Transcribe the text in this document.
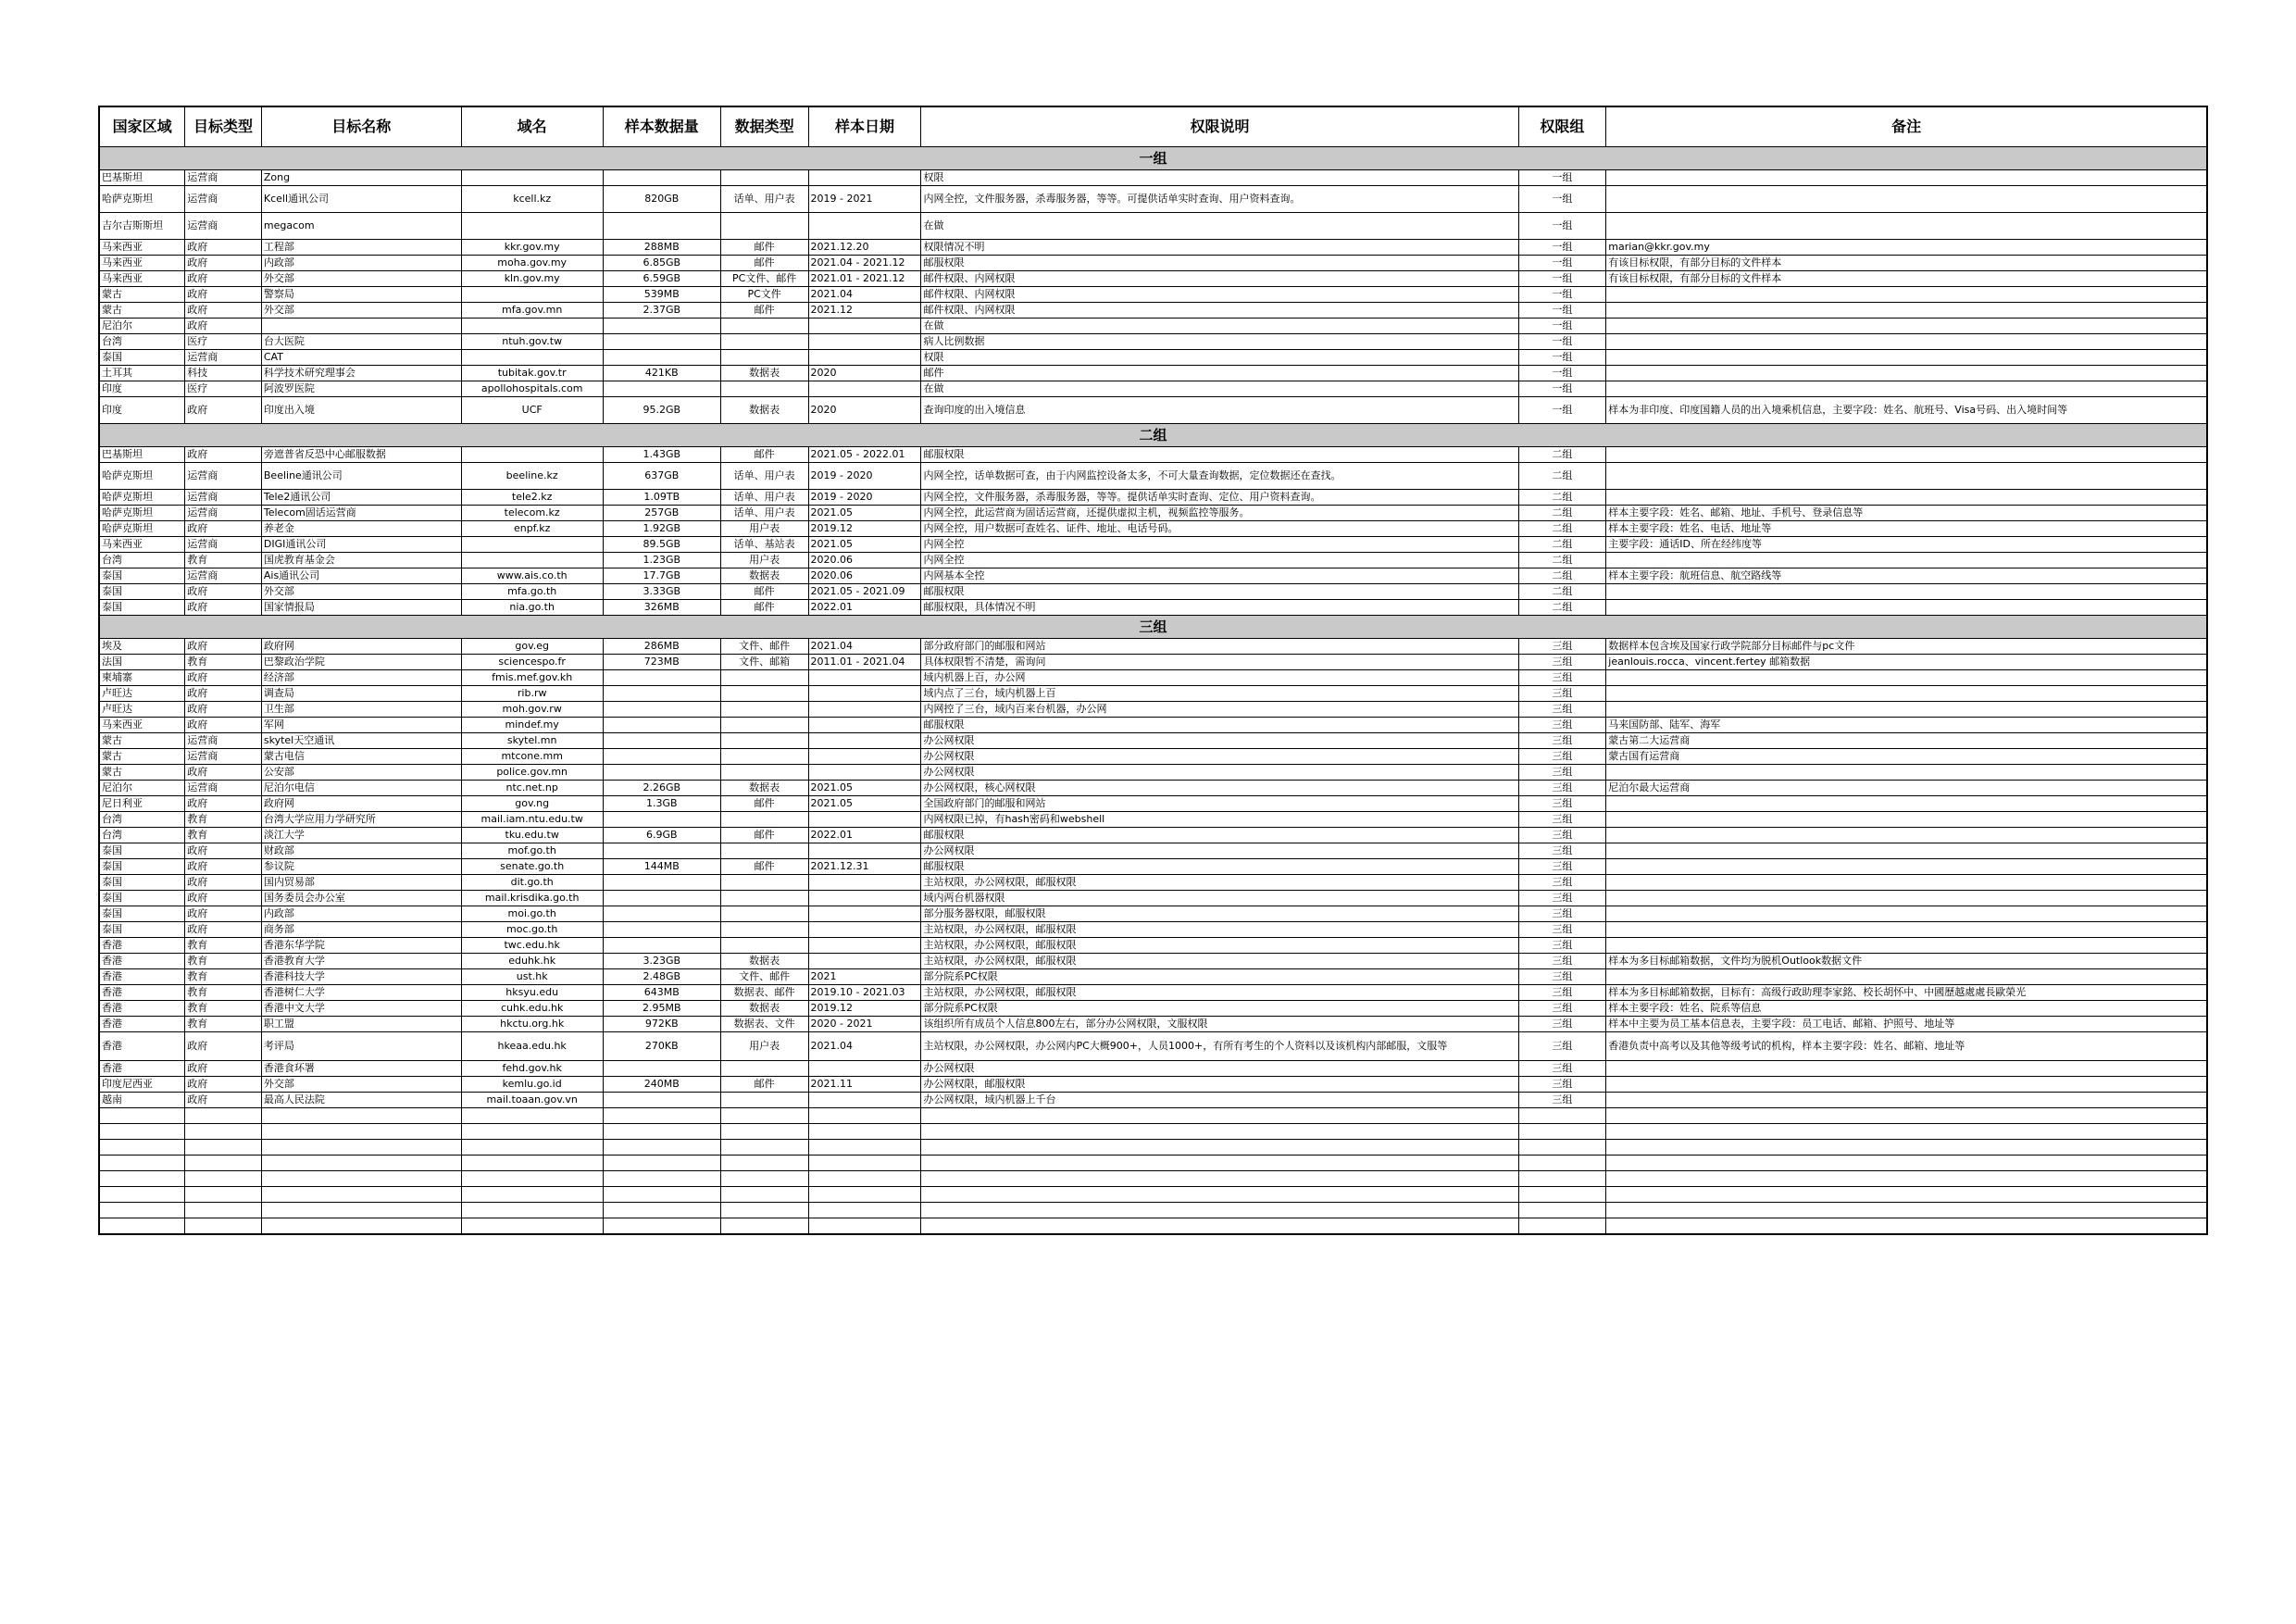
国家区域	目标类型	目标名称	域名	样本数据量	数据类型	样本日期	权限说明	权限组	备注
一组									
巴基斯坦	运营商	Zong					权限	一组	
哈萨克斯坦	运营商	Kcell通讯公司	kcell.kz	820GB	话单、用户表	2019 - 2021	内网全控，文件服务器，杀毒服务器，等等。可提供话单实时查询、用户资料查询。	一组	
吉尔吉斯斯坦	运营商	megacom					在做	一组	
马来西亚	政府	工程部	kkr.gov.my	288MB	邮件	2021.12.20	权限情况不明	一组	marian@kkr.gov.my
马来西亚	政府	内政部	moha.gov.my	6.85GB	邮件	2021.04 - 2021.12	邮服权限	一组	有该目标权限，有部分目标的文件样本
马来西亚	政府	外交部	kln.gov.my	6.59GB	PC文件、邮件	2021.01 - 2021.12	邮件权限、内网权限	一组	有该目标权限，有部分目标的文件样本
蒙古	政府	警察局		539MB	PC文件	2021.04	邮件权限、内网权限	一组	
蒙古	政府	外交部	mfa.gov.mn	2.37GB	邮件	2021.12	邮件权限、内网权限	一组	
尼泊尔	政府						在做	一组	
台湾	医疗	台大医院	ntuh.gov.tw				病人比例数据	一组	
泰国	运营商	CAT					权限	一组	
土耳其	科技	科学技术研究理事会	tubitak.gov.tr	421KB	数据表	2020	邮件	一组	
印度	医疗	阿波罗医院	apollohospitals.com				在做	一组	
印度	政府	印度出入境	UCF	95.2GB	数据表	2020	查询印度的出入境信息	一组	样本为非印度、印度国籍人员的出入境乘机信息，主要字段：姓名、航班号、Visa号码、出入境时间等
二组									
巴基斯坦	政府	旁遮普省反恐中心邮服数据		1.43GB	邮件	2021.05 - 2022.01	邮服权限	二组	
哈萨克斯坦	运营商	Beeline通讯公司	beeline.kz	637GB	话单、用户表	2019 - 2020	内网全控，话单数据可查，由于内网监控设备太多，不可大量查询数据，定位数据还在查找。	二组	
哈萨克斯坦	运营商	Tele2通讯公司	tele2.kz	1.09TB	话单、用户表	2019 - 2020	内网全控，文件服务器，杀毒服务器，等等。提供话单实时查询、定位、用户资料查询。	二组	
哈萨克斯坦	运营商	Telecom固话运营商	telecom.kz	257GB	话单、用户表	2021.05	内网全控，此运营商为固话运营商，还提供虚拟主机，视频监控等服务。	二组	样本主要字段：姓名、邮箱、地址、手机号、登录信息等
哈萨克斯坦	政府	养老金	enpf.kz	1.92GB	用户表	2019.12	内网全控，用户数据可查姓名、证件、地址、电话号码。	二组	样本主要字段：姓名、电话、地址等
马来西亚	运营商	DIGI通讯公司		89.5GB	话单、基站表	2021.05	内网全控	二组	主要字段：通话ID、所在经纬度等
台湾	教育	国虎教育基金会		1.23GB	用户表	2020.06	内网全控	二组	
泰国	运营商	Ais通讯公司	www.ais.co.th	17.7GB	数据表	2020.06	内网基本全控	二组	样本主要字段：航班信息、航空路线等
泰国	政府	外交部	mfa.go.th	3.33GB	邮件	2021.05 - 2021.09	邮服权限	二组	
泰国	政府	国家情报局	nia.go.th	326MB	邮件	2022.01	邮服权限，具体情况不明	二组	
三组									
埃及	政府	政府网	gov.eg	286MB	文件、邮件	2021.04	部分政府部门的邮服和网站	三组	数据样本包含埃及国家行政学院部分目标邮件与pc文件
法国	教育	巴黎政治学院	sciencespo.fr	723MB	文件、邮箱	2011.01 - 2021.04	具体权限暂不清楚，需询问	三组	jeanlouis.rocca、vincent.fertey 邮箱数据
柬埔寨	政府	经济部	fmis.mef.gov.kh				域内机器上百，办公网	三组	
卢旺达	政府	调查局	rib.rw				域内点了三台，域内机器上百	三组	
卢旺达	政府	卫生部	moh.gov.rw				内网控了三台，域内百来台机器，办公网	三组	
马来西亚	政府	军网	mindef.my				邮服权限	三组	马来国防部、陆军、海军
蒙古	运营商	skytel天空通讯	skytel.mn				办公网权限	三组	蒙古第二大运营商
蒙古	运营商	蒙古电信	mtcone.mm				办公网权限	三组	蒙古国有运营商
蒙古	政府	公安部	police.gov.mn				办公网权限	三组	
尼泊尔	运营商	尼泊尔电信	ntc.net.np	2.26GB	数据表	2021.05	办公网权限，核心网权限	三组	尼泊尔最大运营商
尼日利亚	政府	政府网	gov.ng	1.3GB	邮件	2021.05	全国政府部门的邮服和网站	三组	
台湾	教育	台湾大学应用力学研究所	mail.iam.ntu.edu.tw				内网权限已掉，有hash密码和webshell	三组	
台湾	教育	淡江大学	tku.edu.tw	6.9GB	邮件	2022.01	邮服权限	三组	
泰国	政府	财政部	mof.go.th				办公网权限	三组	
泰国	政府	参议院	senate.go.th	144MB	邮件	2021.12.31	邮服权限	三组	
泰国	政府	国内贸易部	dit.go.th				主站权限，办公网权限，邮服权限	三组	
泰国	政府	国务委员会办公室	mail.krisdika.go.th				域内两台机器权限	三组	
泰国	政府	内政部	moi.go.th				部分服务器权限，邮服权限	三组	
泰国	政府	商务部	moc.go.th				主站权限，办公网权限，邮服权限	三组	
香港	教育	香港东华学院	twc.edu.hk				主站权限，办公网权限，邮服权限	三组	
香港	教育	香港教育大学	eduhk.hk	3.23GB	数据表		主站权限，办公网权限，邮服权限	三组	样本为多目标邮箱数据，文件均为脱机Outlook数据文件
香港	教育	香港科技大学	ust.hk	2.48GB	文件、邮件	2021	部分院系PC权限	三组	
香港	教育	香港树仁大学	hksyu.edu	643MB	数据表、邮件	2019.10 - 2021.03	主站权限，办公网权限，邮服权限	三组	样本为多目标邮箱数据，目标有：高级行政助理李家銘、校长胡怀中、中國歷越處處長歐榮光
香港	教育	香港中文大学	cuhk.edu.hk	2.95MB	数据表	2019.12	部分院系PC权限	三组	样本主要字段：姓名、院系等信息
香港	教育	职工盟	hkctu.org.hk	972KB	数据表、文件	2020 - 2021	该组织所有成员个人信息800左右，部分办公网权限，文服权限	三组	样本中主要为员工基本信息表，主要字段：员工电话、邮箱、护照号、地址等
香港	政府	考评局	hkeaa.edu.hk	270KB	用户表	2021.04	主站权限，办公网权限，办公网内PC大概900+，人员1000+，有所有考生的个人资料以及该机构内部邮服，文服等	三组	香港负责中高考以及其他等级考试的机构，样本主要字段：姓名、邮箱、地址等
香港	政府	香港食环署	fehd.gov.hk				办公网权限	三组	
印度尼西亚	政府	外交部	kemlu.go.id	240MB	邮件	2021.11	办公网权限，邮服权限	三组	
越南	政府	最高人民法院	mail.toaan.gov.vn				办公网权限，域内机器上千台	三组	
